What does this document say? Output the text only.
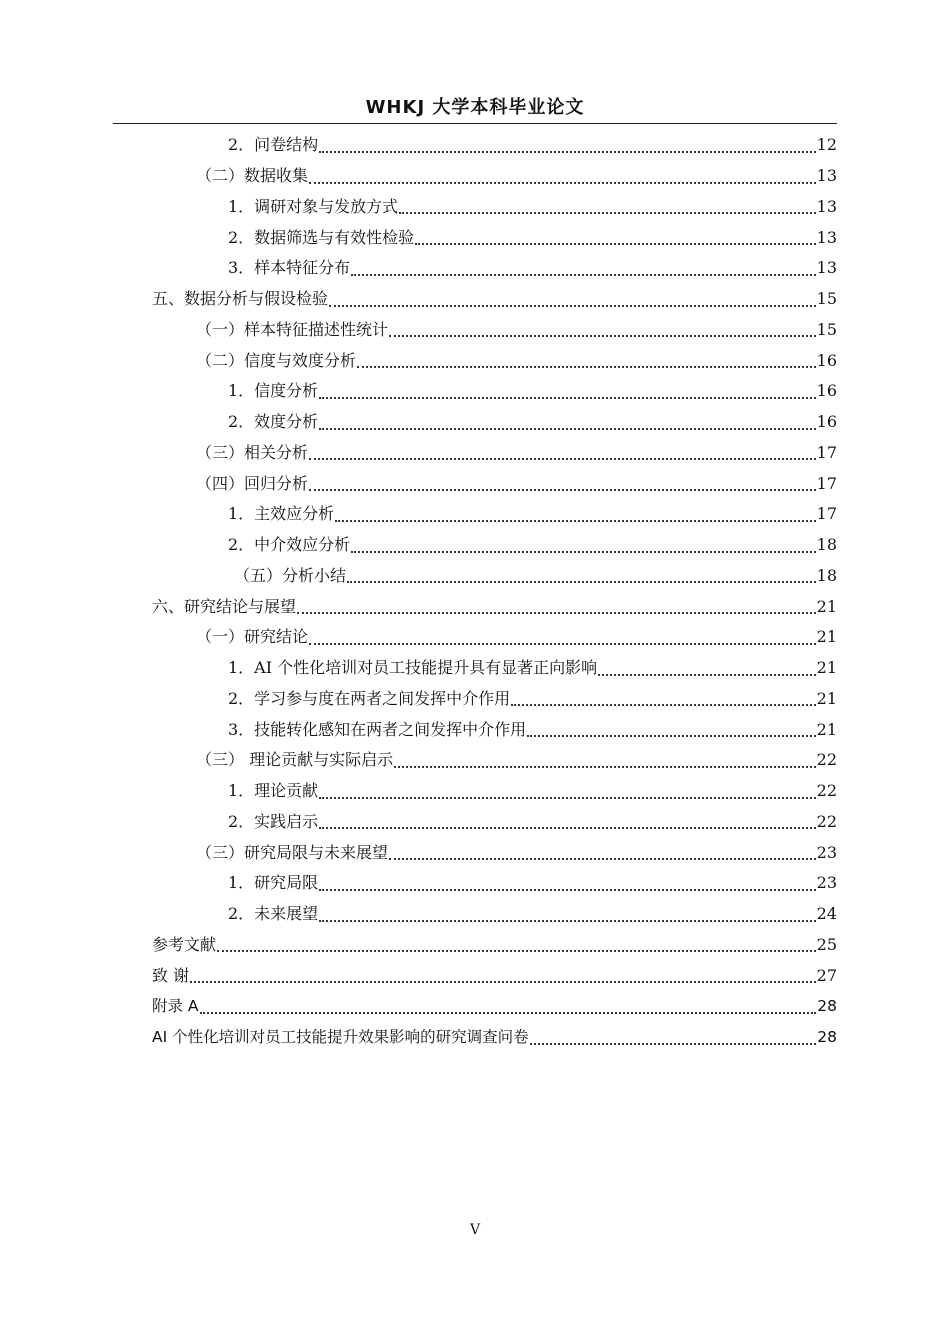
WHKJ 大学本科毕业论文
2．问卷结构	12
（二）数据收集	13
1．调研对象与发放方式	13
2．数据筛选与有效性检验	13
3．样本特征分布	13
五、数据分析与假设检验	15
（一）样本特征描述性统计	15
（二）信度与效度分析	16
1．信度分析	16
2．效度分析	16
（三）相关分析	17
（四）回归分析	17
1．主效应分析	17
2．中介效应分析	18
（五）分析小结	18
六、研究结论与展望	21
（一）研究结论	21
1．AI 个性化培训对员工技能提升具有显著正向影响	21
2．学习参与度在两者之间发挥中介作用	21
3．技能转化感知在两者之间发挥中介作用	21
（三） 理论贡献与实际启示	22
1．理论贡献	22
2．实践启示	22
（三）研究局限与未来展望	23
1．研究局限	23
2．未来展望	24
参考文献	25
致 谢	27
附录 A	28
AI 个性化培训对员工技能提升效果影响的研究调查问卷	28
V
